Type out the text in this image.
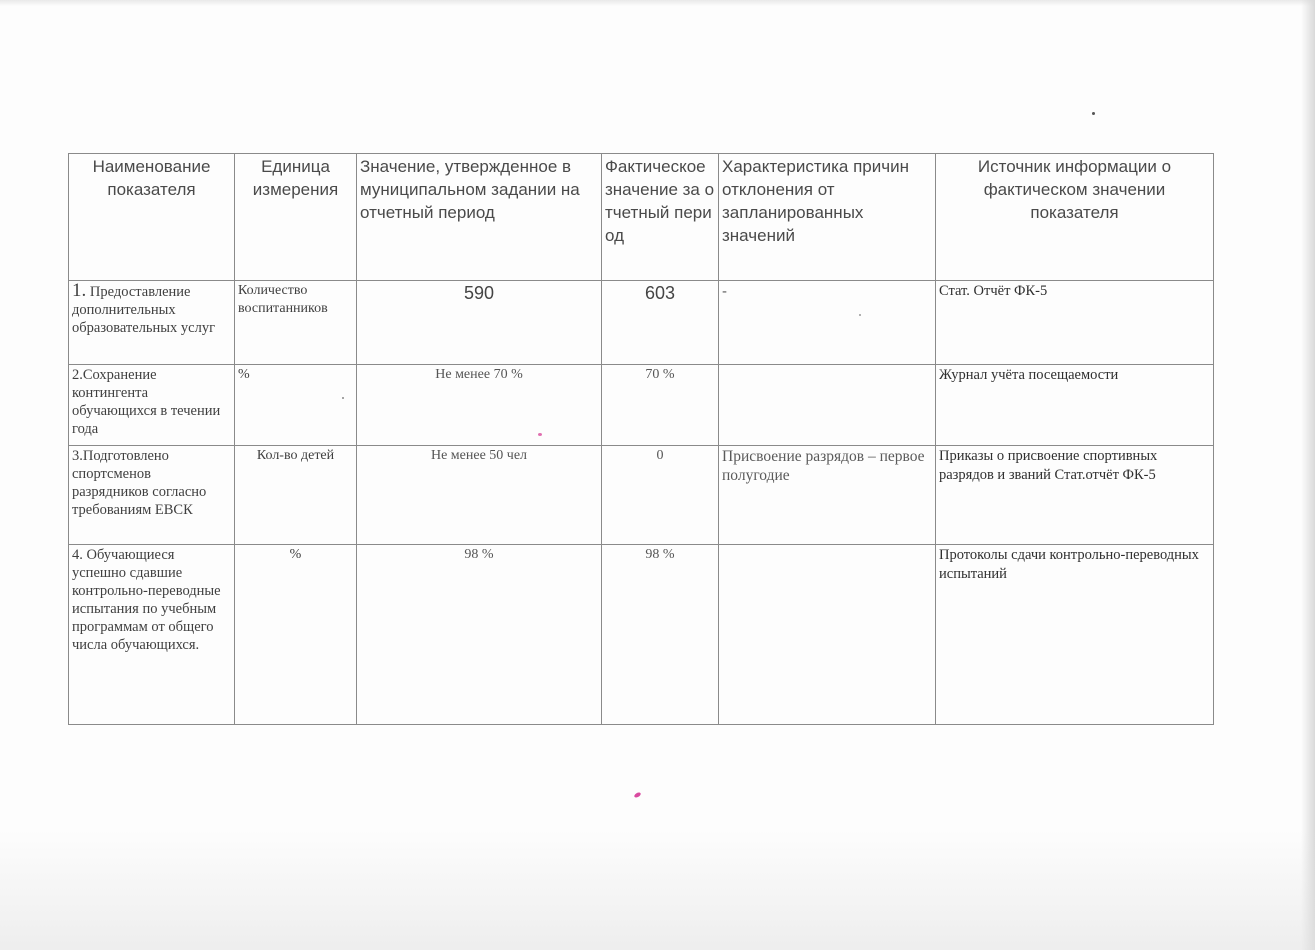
Наименование показателя	Единица измерения	Значение, утвержденное в муниципальном задании на отчетный период	Фактическое значение за отчетный период	Характеристика причин отклонения от запланированных значений	Источник информации о фактическом значении показателя
1. Предоставление дополнительных образовательных услуг	Количество воспитанников	590	603	-	Стат. Отчёт ФК-5
2.Сохранение контингента обучающихся в течении года	%	Не менее 70 %	70 %		Журнал учёта посещаемости
3.Подготовлено спортсменов разрядников согласно требованиям ЕВСК	Кол-во детей	Не менее 50 чел	0	Присвоение разрядов – первое полугодие	Приказы о присвоение спортивных разрядов и званий Стат.отчёт ФК-5
4. Обучающиеся успешно сдавшие контрольно-переводные испытания по учебным программам от общего числа обучающихся.	%	98 %	98 %		Протоколы сдачи контрольно-переводных испытаний
